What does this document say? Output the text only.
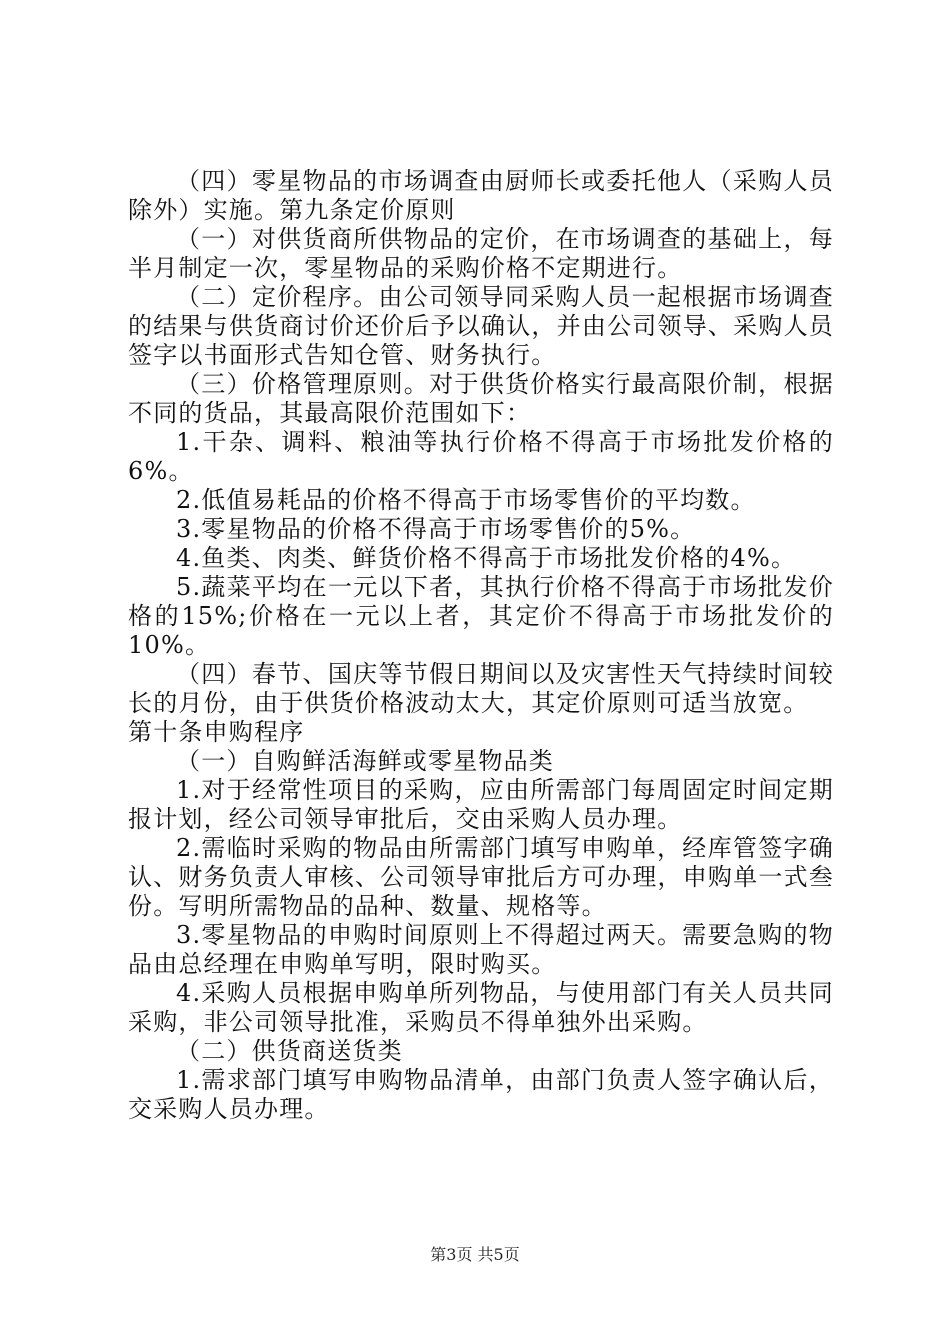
（四）零星物品的市场调查由厨师长或委托他人（采购人员除外）实施。第九条定价原则

（一）对供货商所供物品的定价，在市场调查的基础上，每半月制定一次，零星物品的采购价格不定期进行。

（二）定价程序。由公司领导同采购人员一起根据市场调查的结果与供货商讨价还价后予以确认，并由公司领导、采购人员签字以书面形式告知仓管、财务执行。

（三）价格管理原则。对于供货价格实行最高限价制，根据不同的货品，其最高限价范围如下：

1.干杂、调料、粮油等执行价格不得高于市场批发价格的6%。

2.低值易耗品的价格不得高于市场零售价的平均数。

3.零星物品的价格不得高于市场零售价的5%。

4.鱼类、肉类、鲜货价格不得高于市场批发价格的4%。

5.蔬菜平均在一元以下者，其执行价格不得高于市场批发价格的15%;价格在一元以上者，其定价不得高于市场批发价的10%。

（四）春节、国庆等节假日期间以及灾害性天气持续时间较长的月份，由于供货价格波动太大，其定价原则可适当放宽。

第十条申购程序

（一）自购鲜活海鲜或零星物品类

1.对于经常性项目的采购，应由所需部门每周固定时间定期报计划，经公司领导审批后，交由采购人员办理。

2.需临时采购的物品由所需部门填写申购单，经库管签字确认、财务负责人审核、公司领导审批后方可办理，申购单一式叁份。写明所需物品的品种、数量、规格等。

3.零星物品的申购时间原则上不得超过两天。需要急购的物品由总经理在申购单写明，限时购买。

4.采购人员根据申购单所列物品，与使用部门有关人员共同采购，非公司领导批准，采购员不得单独外出采购。

（二）供货商送货类

1.需求部门填写申购物品清单，由部门负责人签字确认后，交采购人员办理。

第3页 共5页
